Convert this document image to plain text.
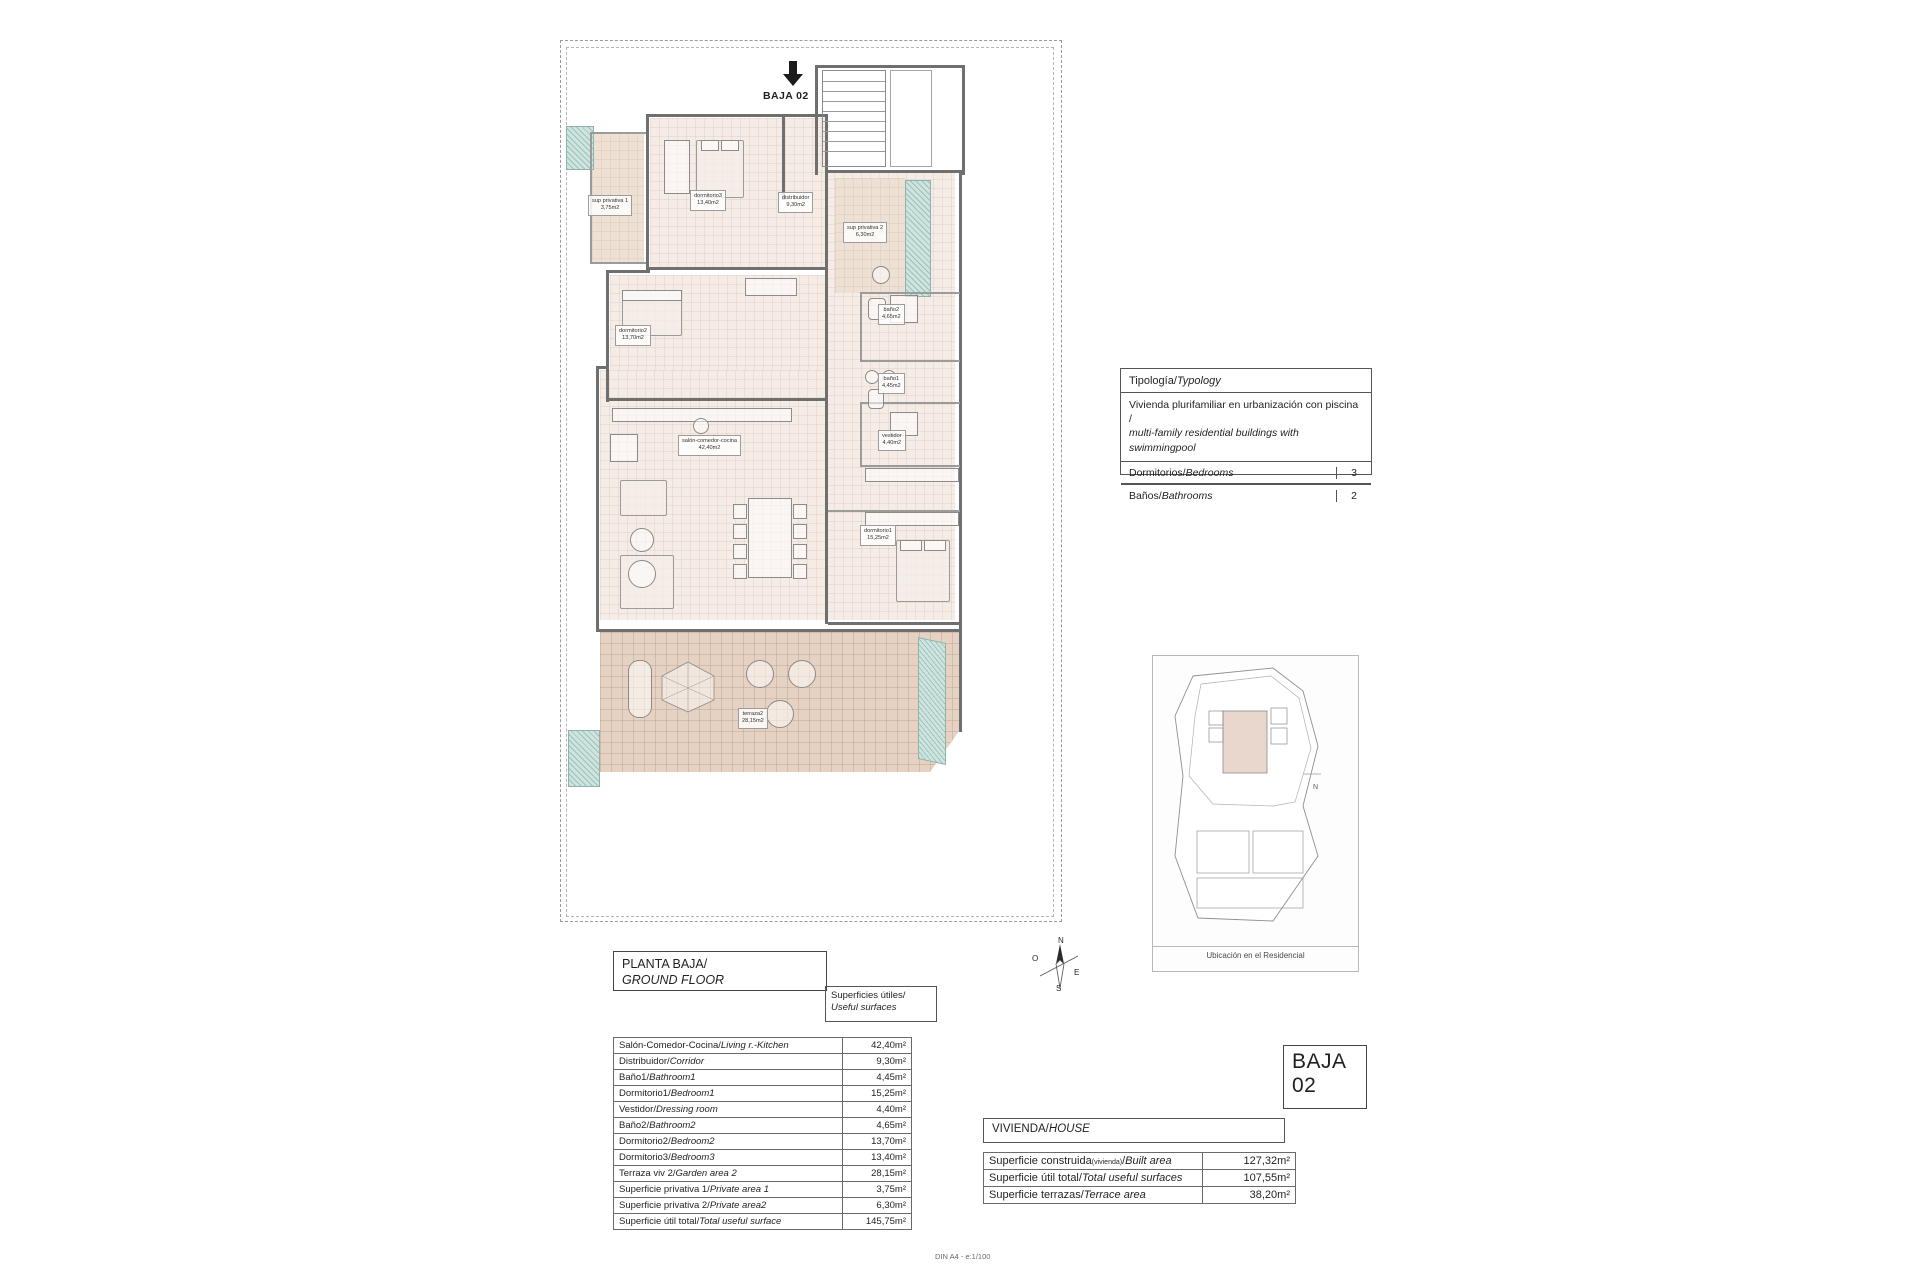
BAJA 02
dormitorio3
13,40m2
distribuidor
9,30m2
sup privativa 1
3,75m2
sup privativa 2
6,30m2
dormitorio2
13,70m2
baño2
4,65m2
baño1
4,45m2
vestidor
4,40m2
salón-comedor-cocina
42,40m2
dormitorio1
15,25m2
terraza2
28,15m2
PLANTA BAJA/
GROUND FLOOR
N
S
E
O
Tipología/ Typology
Vivienda plurifamiliar en urbanización con piscina /
multi-family residential buildings with swimmingpool
Dormitorios/Bedrooms	3
Baños/Bathrooms	2
N
Ubicación en el Residencial
Superficies útiles/
Useful surfaces
Salón-Comedor-Cocina/Living r.-Kitchen	42,40m²
Distribuidor/Corridor	9,30m²
Baño1/Bathroom1	4,45m²
Dormitorio1/Bedroom1	15,25m²
Vestidor/Dressing room	4,40m²
Baño2/Bathroom2	4,65m²
Dormitorio2/Bedroom2	13,70m²
Dormitorio3/Bedroom3	13,40m²
Terraza viv 2/Garden area 2	28,15m²
Superficie privativa 1/Private area 1	3,75m²
Superficie privativa 2/Private area2	6,30m²
Superficie útil total/Total useful surface	145,75m²
DIN A4 - e:1/100
BAJA
02
VIVIENDA/HOUSE
Superficie construida(vivienda)/Built area	127,32m²
Superficie útil total/Total useful surfaces	107,55m²
Superficie terrazas/Terrace area	38,20m²
